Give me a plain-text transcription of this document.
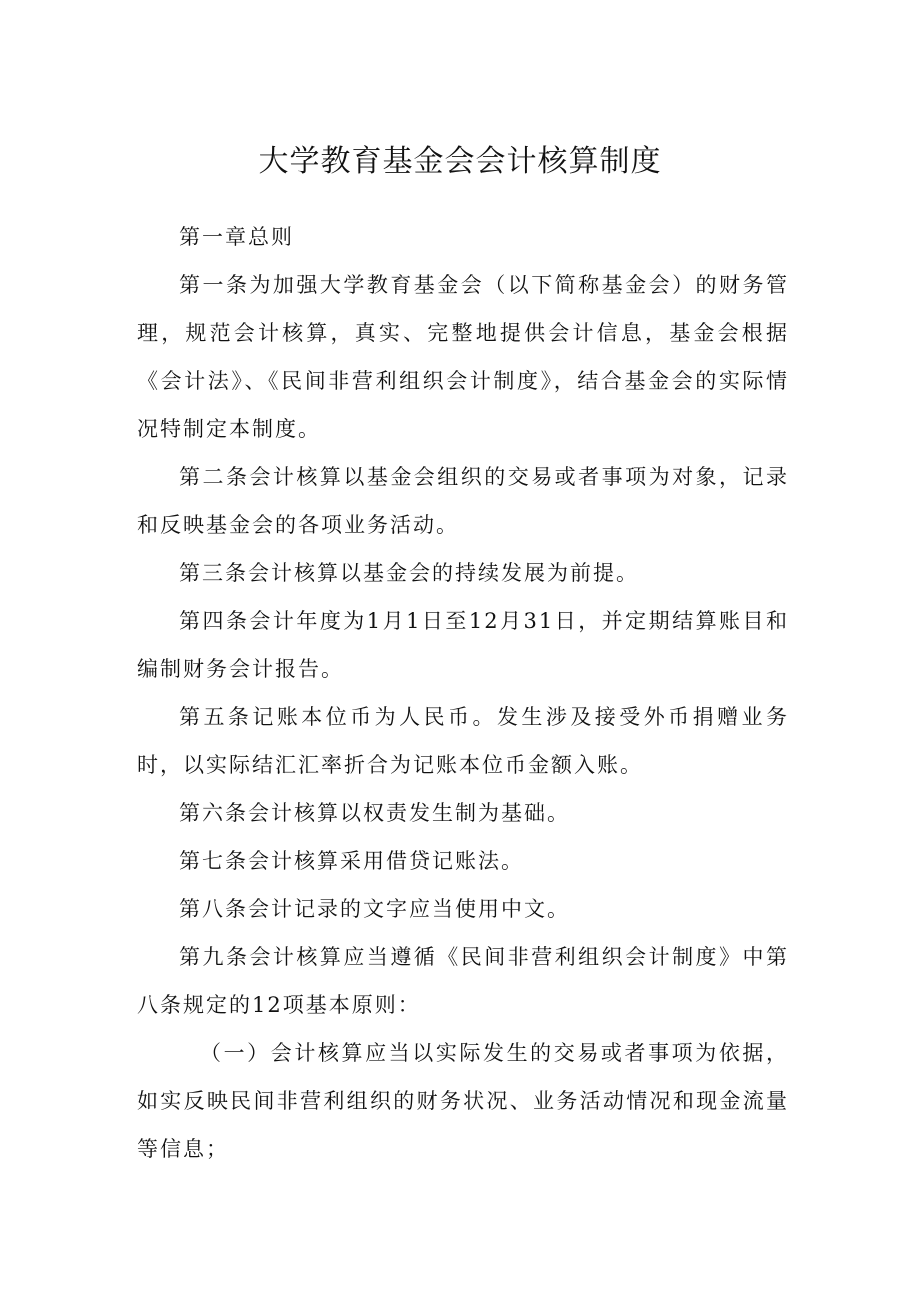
大学教育基金会会计核算制度

第一章总则

第一条为加强大学教育基金会（以下简称基金会）的财务管理，规范会计核算，真实、完整地提供会计信息，基金会根据《会计法》、《民间非营利组织会计制度》，结合基金会的实际情况特制定本制度。

第二条会计核算以基金会组织的交易或者事项为对象，记录和反映基金会的各项业务活动。

第三条会计核算以基金会的持续发展为前提。

第四条会计年度为1月1日至12月31日，并定期结算账目和编制财务会计报告。

第五条记账本位币为人民币。发生涉及接受外币捐赠业务时，以实际结汇汇率折合为记账本位币金额入账。

第六条会计核算以权责发生制为基础。

第七条会计核算采用借贷记账法。

第八条会计记录的文字应当使用中文。

第九条会计核算应当遵循《民间非营利组织会计制度》中第八条规定的12项基本原则：

（一）会计核算应当以实际发生的交易或者事项为依据，如实反映民间非营利组织的财务状况、业务活动情况和现金流量等信息；
